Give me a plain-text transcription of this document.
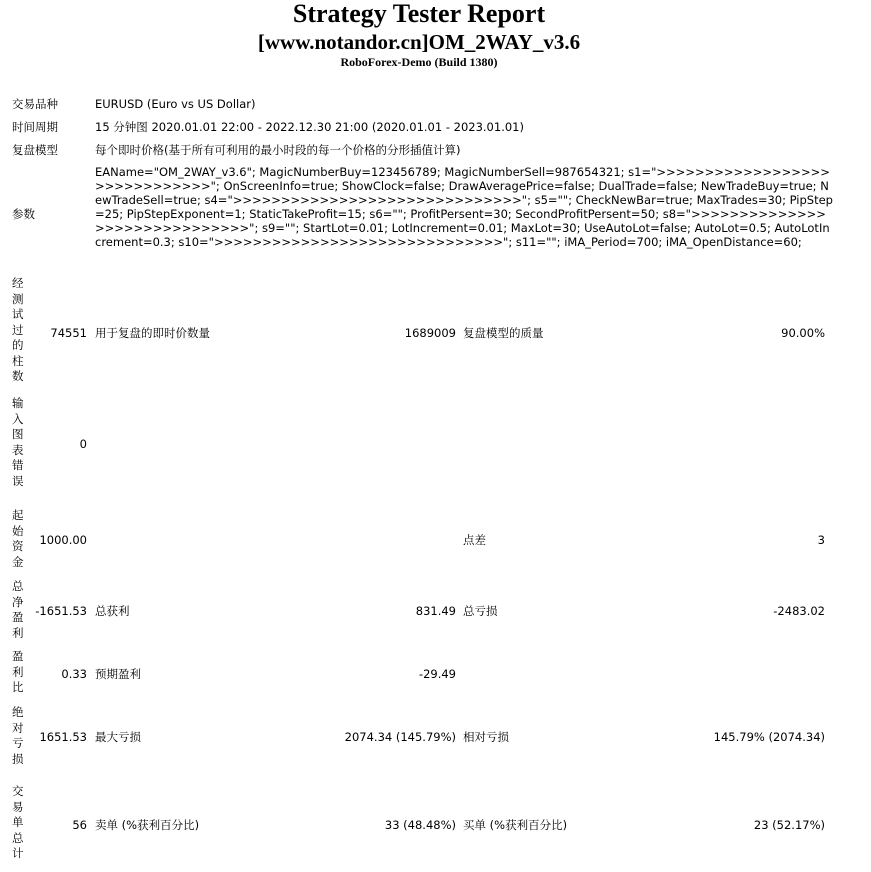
Strategy Tester Report
[www.notandor.cn]OM_2WAY_v3.6
RoboForex-Demo (Build 1380)
交易品种	EURUSD (Euro vs US Dollar)
时间周期	15 分钟图 2020.01.01 22:00 - 2022.12.30 21:00 (2020.01.01 - 2023.01.01)
复盘模型	每个即时价格(基于所有可利用的最小时段的每一个价格的分形插值计算)
参数
EAName="OM_2WAY_v3.6"; MagicNumberBuy=123456789; MagicNumberSell=987654321; s1=">>>>>>>>>>>>>>>>>>>>>>>>>>>>>>"; OnScreenInfo=true; ShowClock=false; DrawAveragePrice=false; DualTrade=false; NewTradeBuy=true; NewTradeSell=true; s4=">>>>>>>>>>>>>>>>>>>>>>>>>>>>>>"; s5=""; CheckNewBar=true; MaxTrades=30; PipStep=25; PipStepExponent=1; StaticTakeProfit=15; s6=""; ProfitPersent=30; SecondProfitPersent=50; s8=">>>>>>>>>>>>>>>>>>>>>>>>>>>>>>"; s9=""; StartLot=0.01; LotIncrement=0.01; MaxLot=30; UseAutoLot=false; AutoLot=0.5; AutoLotIncrement=0.3; s10=">>>>>>>>>>>>>>>>>>>>>>>>>>>>>>"; s11=""; iMA_Period=700; iMA_OpenDistance=60;
经测试过的柱数
74551 用于复盘的即时价数量	1689009 复盘模型的质量	90.00%
输入图表错误
0
起始资金
1000.00	点差	3
总净盈利
-1651.53 总获利	831.49 总亏损	-2483.02
盈利比
0.33 预期盈利	-29.49
绝对亏损
1651.53 最大亏损	2074.34 (145.79%) 相对亏损	145.79% (2074.34)
交易单总计
56 卖单 (%获利百分比)	33 (48.48%) 买单 (%获利百分比)	23 (52.17%)
